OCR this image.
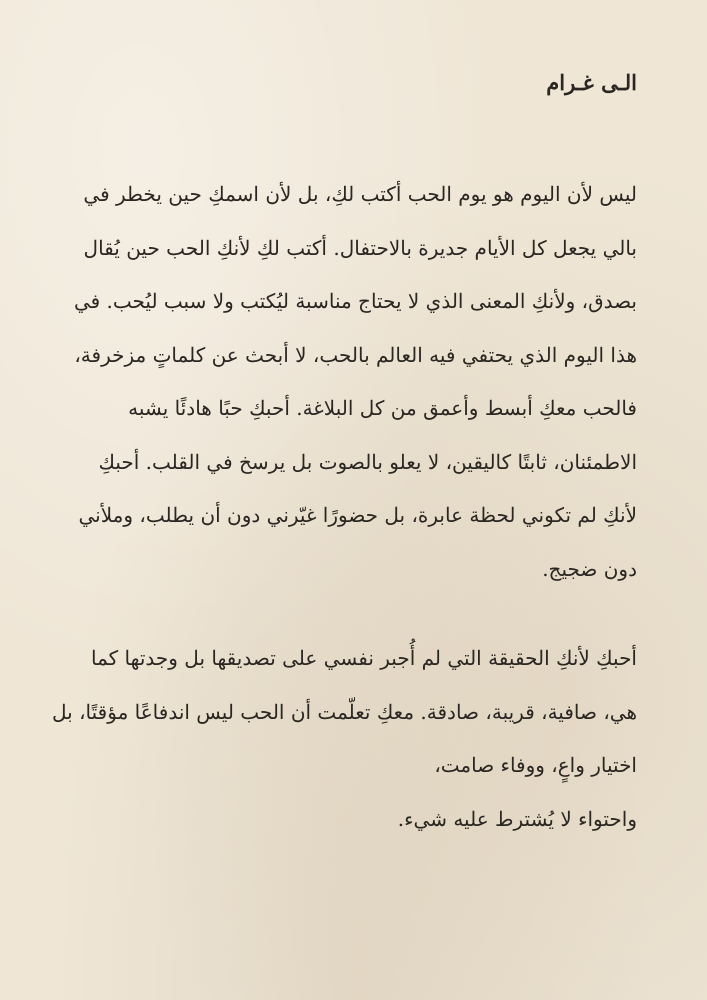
الـى غـرام

ليس لأن اليوم هو يوم الحب أكتب لكِ، بل لأن اسمكِ حين يخطر في
بالي يجعل كل الأيام جديرة بالاحتفال. أكتب لكِ لأنكِ الحب حين يُقال
بصدق، ولأنكِ المعنى الذي لا يحتاج مناسبة ليُكتب ولا سبب ليُحب. في
هذا اليوم الذي يحتفي فيه العالم بالحب، لا أبحث عن كلماتٍ مزخرفة،
فالحب معكِ أبسط وأعمق من كل البلاغة. أحبكِ حبًا هادئًا يشبه
الاطمئنان، ثابتًا كاليقين، لا يعلو بالصوت بل يرسخ في القلب. أحبكِ
لأنكِ لم تكوني لحظة عابرة، بل حضورًا غيّرني دون أن يطلب، وملأني
دون ضجيج.

أحبكِ لأنكِ الحقيقة التي لم أُجبر نفسي على تصديقها بل وجدتها كما
هي، صافية، قريبة، صادقة. معكِ تعلّمت أن الحب ليس اندفاعًا مؤقتًا، بل
اختيار واعٍ، ووفاء صامت،
واحتواء لا يُشترط عليه شيء.
